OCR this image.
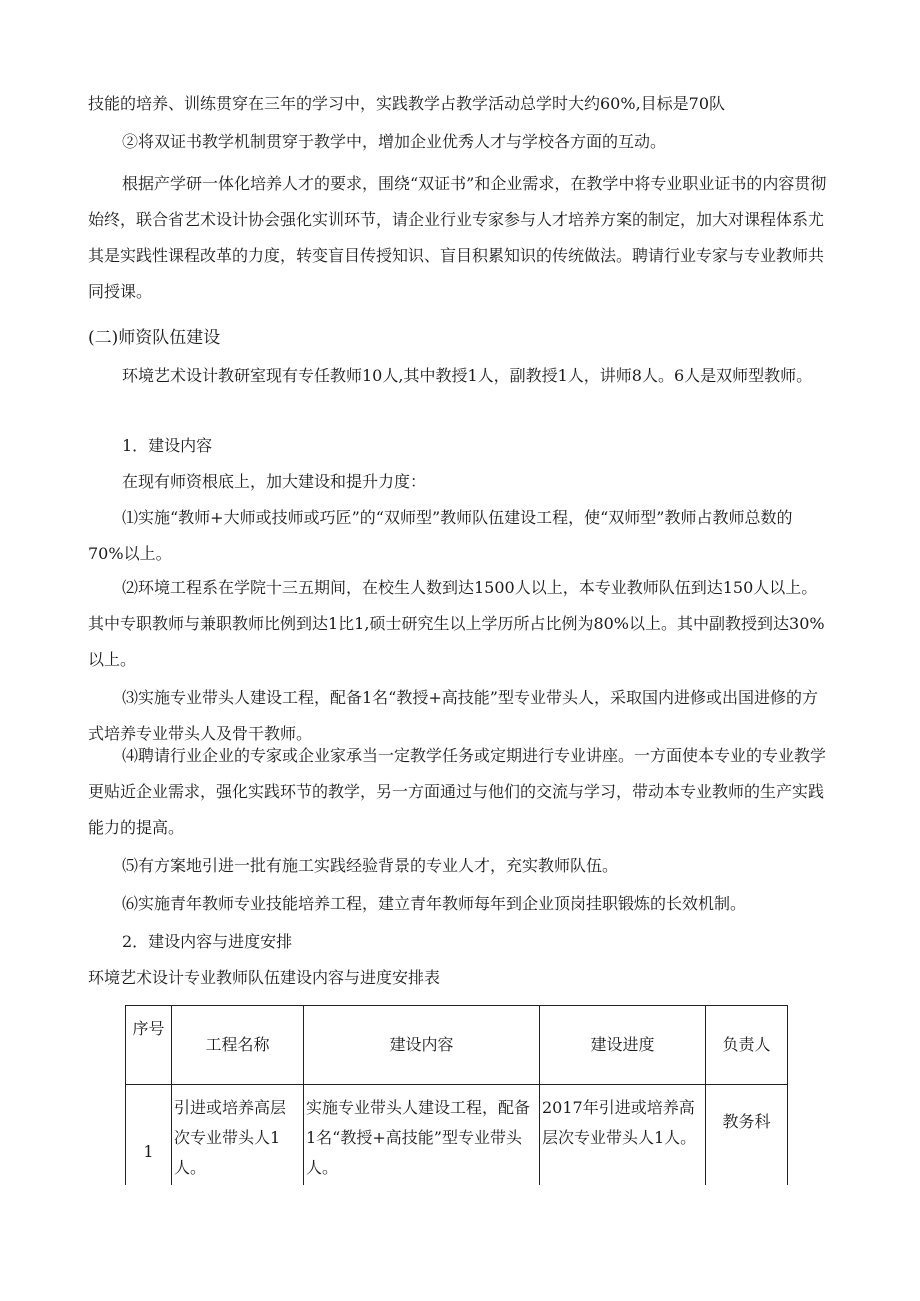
技能的培养、训练贯穿在三年的学习中，实践教学占教学活动总学时大约60%,目标是70队

②将双证书教学机制贯穿于教学中，增加企业优秀人才与学校各方面的互动。

根据产学研一体化培养人才的要求，围绕“双证书”和企业需求，在教学中将专业职业证书的内容贯彻始终，联合省艺术设计协会强化实训环节，请企业行业专家参与人才培养方案的制定，加大对课程体系尤其是实践性课程改革的力度，转变盲目传授知识、盲目积累知识的传统做法。聘请行业专家与专业教师共同授课。

(二)师资队伍建设

环境艺术设计教研室现有专任教师10人,其中教授1人，副教授1人，讲师8人。6人是双师型教师。

1．建设内容

在现有师资根底上，加大建设和提升力度：

⑴实施“教师+大师或技师或巧匠”的“双师型”教师队伍建设工程，使“双师型”教师占教师总数的70%以上。

⑵环境工程系在学院十三五期间，在校生人数到达1500人以上，本专业教师队伍到达150人以上。其中专职教师与兼职教师比例到达1比1,硕士研究生以上学历所占比例为80%以上。其中副教授到达30%以上。

⑶实施专业带头人建设工程，配备1名“教授+高技能”型专业带头人，采取国内进修或出国进修的方式培养专业带头人及骨干教师。

⑷聘请行业企业的专家或企业家承当一定教学任务或定期进行专业讲座。一方面使本专业的专业教学更贴近企业需求，强化实践环节的教学，另一方面通过与他们的交流与学习，带动本专业教师的生产实践能力的提高。

⑸有方案地引进一批有施工实践经验背景的专业人才，充实教师队伍。

⑹实施青年教师专业技能培养工程，建立青年教师每年到企业顶岗挂职锻炼的长效机制。

2．建设内容与进度安排

环境艺术设计专业教师队伍建设内容与进度安排表

序号	工程名称	建设内容	建设进度	负责人
1	引进或培养高层次专业带头人1人。	实施专业带头人建设工程，配备1名“教授+高技能”型专业带头人。	2017年引进或培养高层次专业带头人1人。	教务科
